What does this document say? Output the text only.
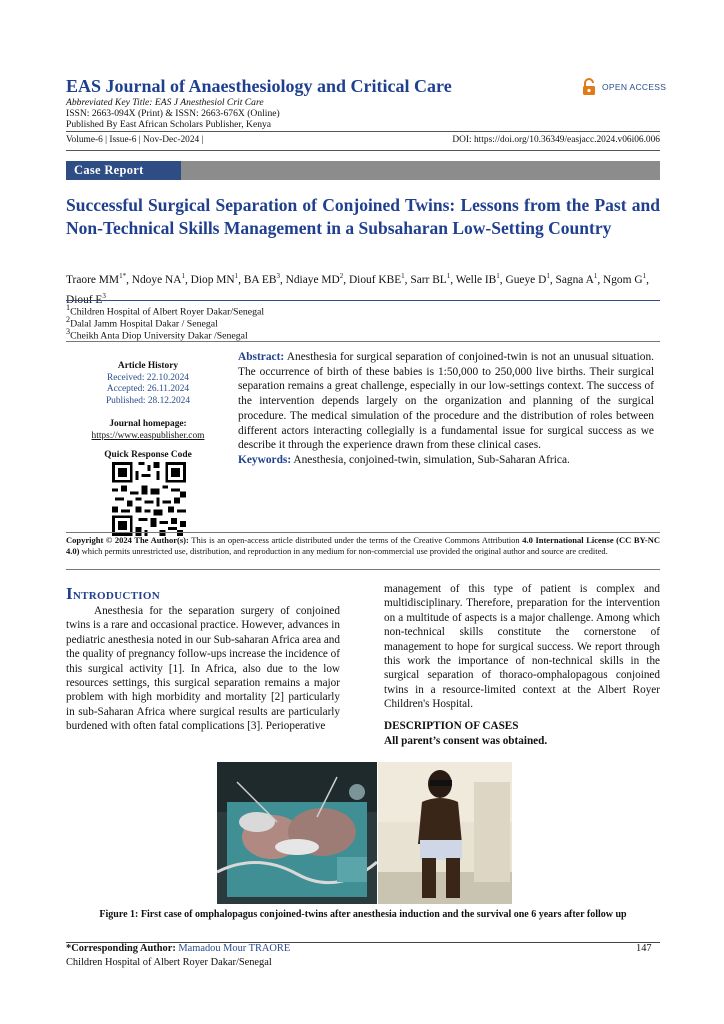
EAS Journal of Anaesthesiology and Critical Care
Abbreviated Key Title: EAS J Anesthesiol Crit Care
ISSN: 2663-094X (Print) & ISSN: 2663-676X (Online)
Published By East African Scholars Publisher, Kenya
OPEN ACCESS
Volume-6 | Issue-6 | Nov-Dec-2024 |	DOI: https://doi.org/10.36349/easjacc.2024.v06i06.006
Case Report
Successful Surgical Separation of Conjoined Twins: Lessons from the Past and Non-Technical Skills Management in a Subsaharan Low-Setting Country
Traore $MM^{1*}$, Ndoye $NA^1$, Diop $MN^1$, BA $EB^3$, Ndiaye $MD^2$, Diouf KBE$^1$, Sarr $BL^1$, Welle $IB^1$, Gueye $D^1$, Sagna $A^1$, Ngom $G^1$, Diouf $E^3$
$^1$Children Hospital of Albert Royer Dakar/Senegal
$^2$Dalal Jamm Hospital Dakar / Senegal
$^3$Cheikh Anta Diop University Dakar /Senegal
Article History
Received: 22.10.2024
Accepted: 26.11.2024
Published: 28.12.2024
Journal homepage:
https://www.easpublisher.com
Quick Response Code
Abstract: Anesthesia for surgical separation of conjoined-twin is not an unusual situation. The occurrence of birth of these babies is 1:50,000 to 250,000 live births. Their surgical separation remains a great challenge, especially in our low-settings context. The success of the intervention depends largely on the organization and planning of the surgical procedure. The medical simulation of the procedure and the distribution of roles between different actors interacting collegially is a fundamental issue for surgical success as we describe it through the experience drawn from these clinical cases.
Keywords: Anesthesia, conjoined-twin, simulation, Sub-Saharan Africa.
Copyright © 2024 The Author(s): This is an open-access article distributed under the terms of the Creative Commons Attribution 4.0 International License (CC BY-NC 4.0) which permits unrestricted use, distribution, and reproduction in any medium for non-commercial use provided the original author and source are credited.
Introduction
Anesthesia for the separation surgery of conjoined twins is a rare and occasional practice. However, advances in pediatric anesthesia noted in our Sub-saharan Africa area and the quality of pregnancy follow-ups increase the incidence of this surgical activity [1]. In Africa, also due to the low resources settings, this surgical separation remains a major problem with high morbidity and mortality [2] particularly in sub-Saharan Africa where surgical results are particularly burdened with often fatal complications [3]. Perioperative
management of this type of patient is complex and multidisciplinary. Therefore, preparation for the intervention on a multitude of aspects is a major challenge. Among which non-technical skills constitute the cornerstone of management to hope for surgical success. We report through this work the importance of non-technical skills in the surgical separation of thoraco-omphalopagous conjoined twins in a resource-limited context at the Albert Royer Children's Hospital.
DESCRIPTION OF CASES
All parent’s consent was obtained.
Figure 1: First case of omphalopagus conjoined-twins after anesthesia induction and the survival one 6 years after follow up
*Corresponding Author: Mamadou Mour TRAORE	147
Children Hospital of Albert Royer Dakar/Senegal
